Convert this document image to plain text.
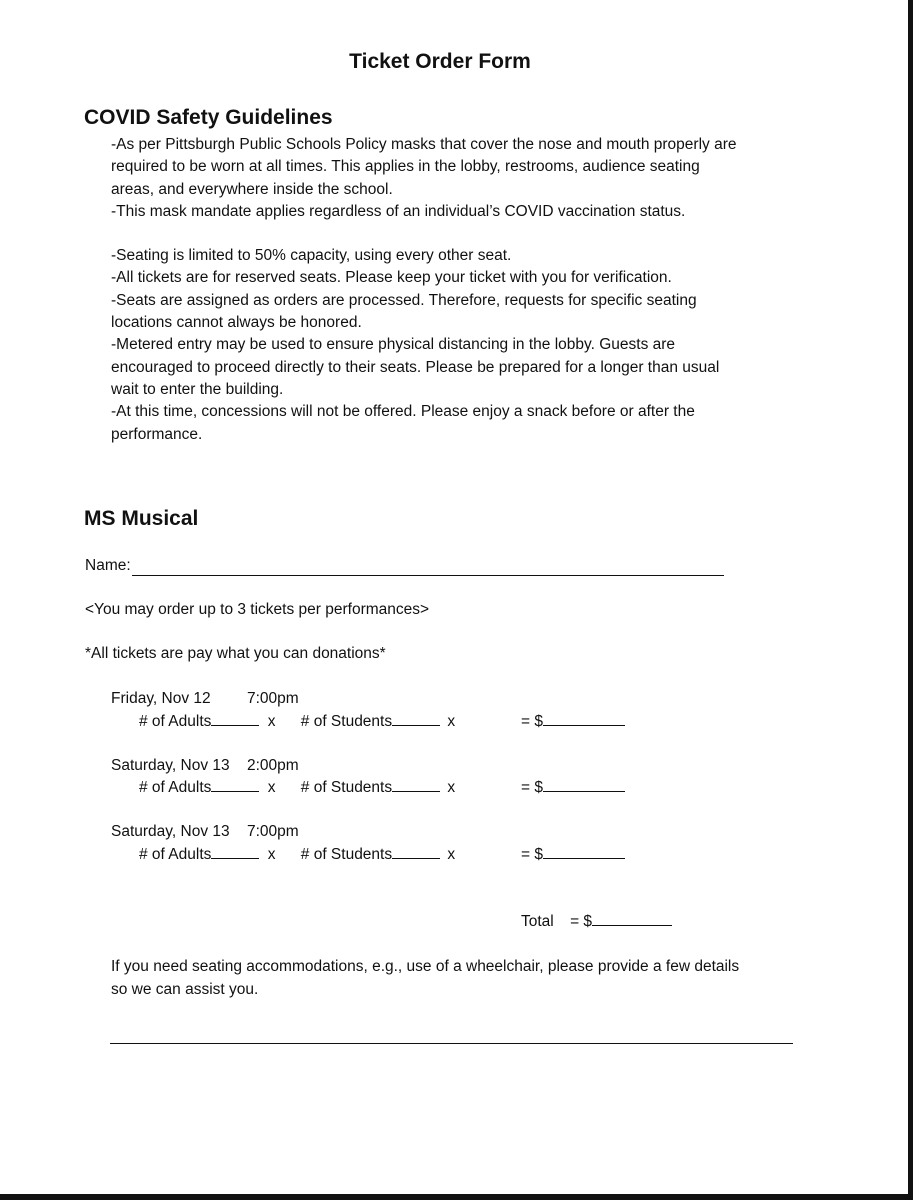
Ticket Order Form
COVID Safety Guidelines

-As per Pittsburgh Public Schools Policy masks that cover the nose and mouth properly are

required to be worn at all times. This applies in the lobby, restrooms, audience seating

areas, and everywhere inside the school.

-This mask mandate applies regardless of an individual’s COVID vaccination status.

-Seating is limited to 50% capacity, using every other seat.

-All tickets are for reserved seats. Please keep your ticket with you for verification.

-Seats are assigned as orders are processed. Therefore, requests for specific seating

locations cannot always be honored.

-Metered entry may be used to ensure physical distancing in the lobby. Guests are

encouraged to proceed directly to their seats. Please be prepared for a longer than usual

wait to enter the building.

-At this time, concessions will not be offered. Please enjoy a snack before or after the

performance.

MS Musical
Name:
<You may order up to 3 tickets per performances>
*All tickets are pay what you can donations*
Friday, Nov 12 7:00pm
# of Adults	x # of Students	x	= $
Saturday, Nov 13 2:00pm
# of Adults	x # of Students	x	= $
Saturday, Nov 13 7:00pm
# of Adults	x # of Students	x	= $
Total = $
If you need seating accommodations, e.g., use of a wheelchair, please provide a few details
so we can assist you.
